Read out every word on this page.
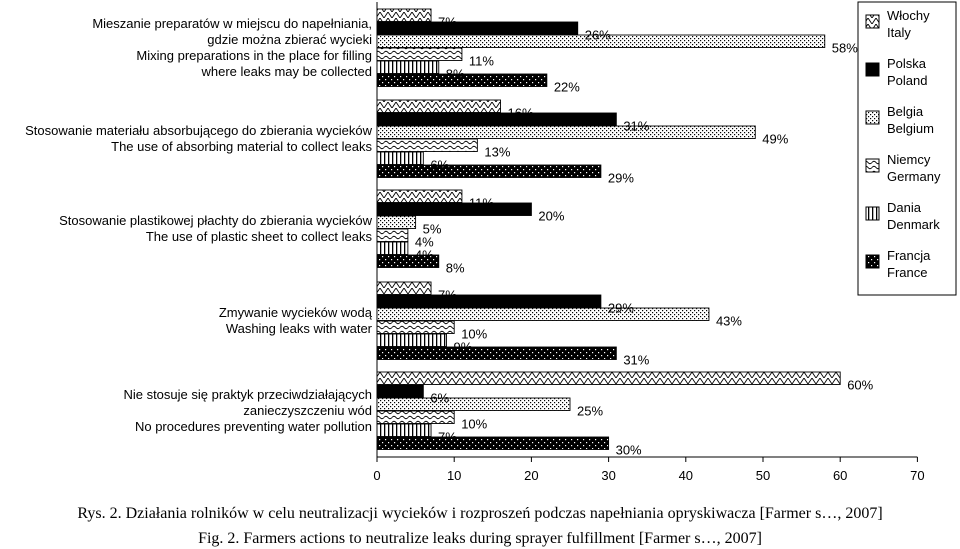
0	10	20	30	40	50	60	70
7%
26%
58%
11%
8%
22%
16%
31%
49%
13%
6%
29%
11%
20%
5%
4%
4%
8%
7%
29%
43%
10%
9%
31%
60%
6%
25%
10%
7%
30%
Mieszanie preparatów w miejscu do napełniania,
gdzie można zbierać wycieki
Mixing preparations in the place for filling
where leaks may be collected
Stosowanie materiału absorbującego do zbierania wycieków
The use of absorbing material to collect leaks
Stosowanie plastikowej płachty do zbierania wycieków
The use of plastic sheet to collect leaks
Zmywanie wycieków wodą
Washing leaks with water
Nie stosuje się praktyk przeciwdziałających
zanieczyszczeniu wód
No procedures preventing water pollution
Włochy
Italy
Polska
Poland
Belgia
Belgium
Niemcy
Germany
Dania
Denmark
Francja
France

Rys. 2. Działania rolników w celu neutralizacji wycieków i rozproszeń podczas napełniania opryskiwacza [Farmer s…, 2007]

Fig. 2. Farmers actions to neutralize leaks during sprayer fulfillment [Farmer s…, 2007]
